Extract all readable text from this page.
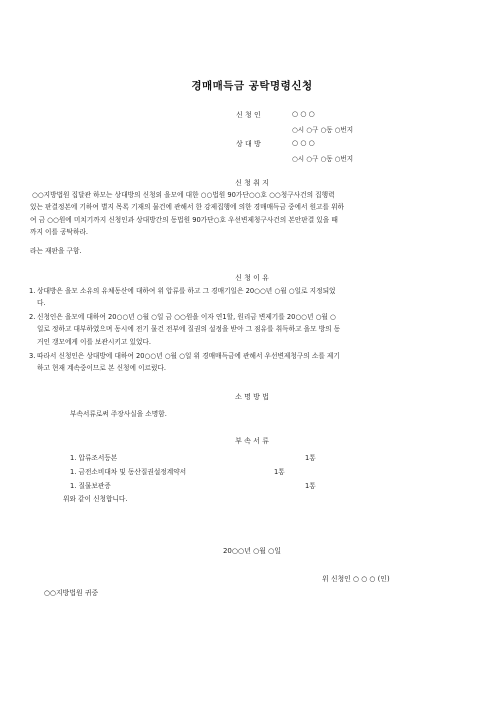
경매매득금 공탁명령신청
신 청 인	○ ○ ○
○시 ○구 ○동 ○번지
상 대 방	○ ○ ○
○시 ○구 ○동 ○번지
신 청 취 지
○○지방법원 집달관 하모는 상대방의 신청외 을모에 대한 ○○법원 90가단○○호 ○○청구사건의 집행력
있는 판결정본에 기하여 별지 목록 기재의 물건에 관해서 한 강제집행에 의한 경매매득금 중에서 원고를 위하
여 금 ○○원에 미치기까지 신청인과 상대방간의 동법원 90가단○호 우선변제청구사건의 본안판결 있을 때
까지 이를 공탁하라.
라는 재판을 구함.
신 청 이 유
1. 상대방은 을모 소유의 유체동산에 대하여 위 압류를 하고 그 경매기일은 20○○년 ○월 ○일로 지정되었
다.
2. 신청인은 을모에 대하여 20○○년 ○월 ○일 금 ○○원을 이자 연1할, 원리금 변제기를 20○○년 ○월 ○
일로 정하고 대부하였으며 동시에 전기 물건 전부에 질권의 설정을 받아 그 점유를 취득하고 을모 방의 동
거인 갱모에게 이를 보관시키고 있었다.
3. 따라서 신청인은 상대방에 대하여 20○○년 ○월 ○일 위 경매매득금에 관해서 우선변제청구의 소를 제기
하고 현재 계속중이므로 본 신청에 이르렀다.
소 명 방 법
부속서류로써 주장사실을 소명함.
부 속 서 류
1. 압류조서등본	1통
1. 금전소비대차 및 동산질권설정계약서	1통
1. 질물보관증	1통
위와 같이 신청합니다.
20○○년 ○월 ○일
위 신청인 ○ ○ ○ (인)
○○지방법원 귀중
